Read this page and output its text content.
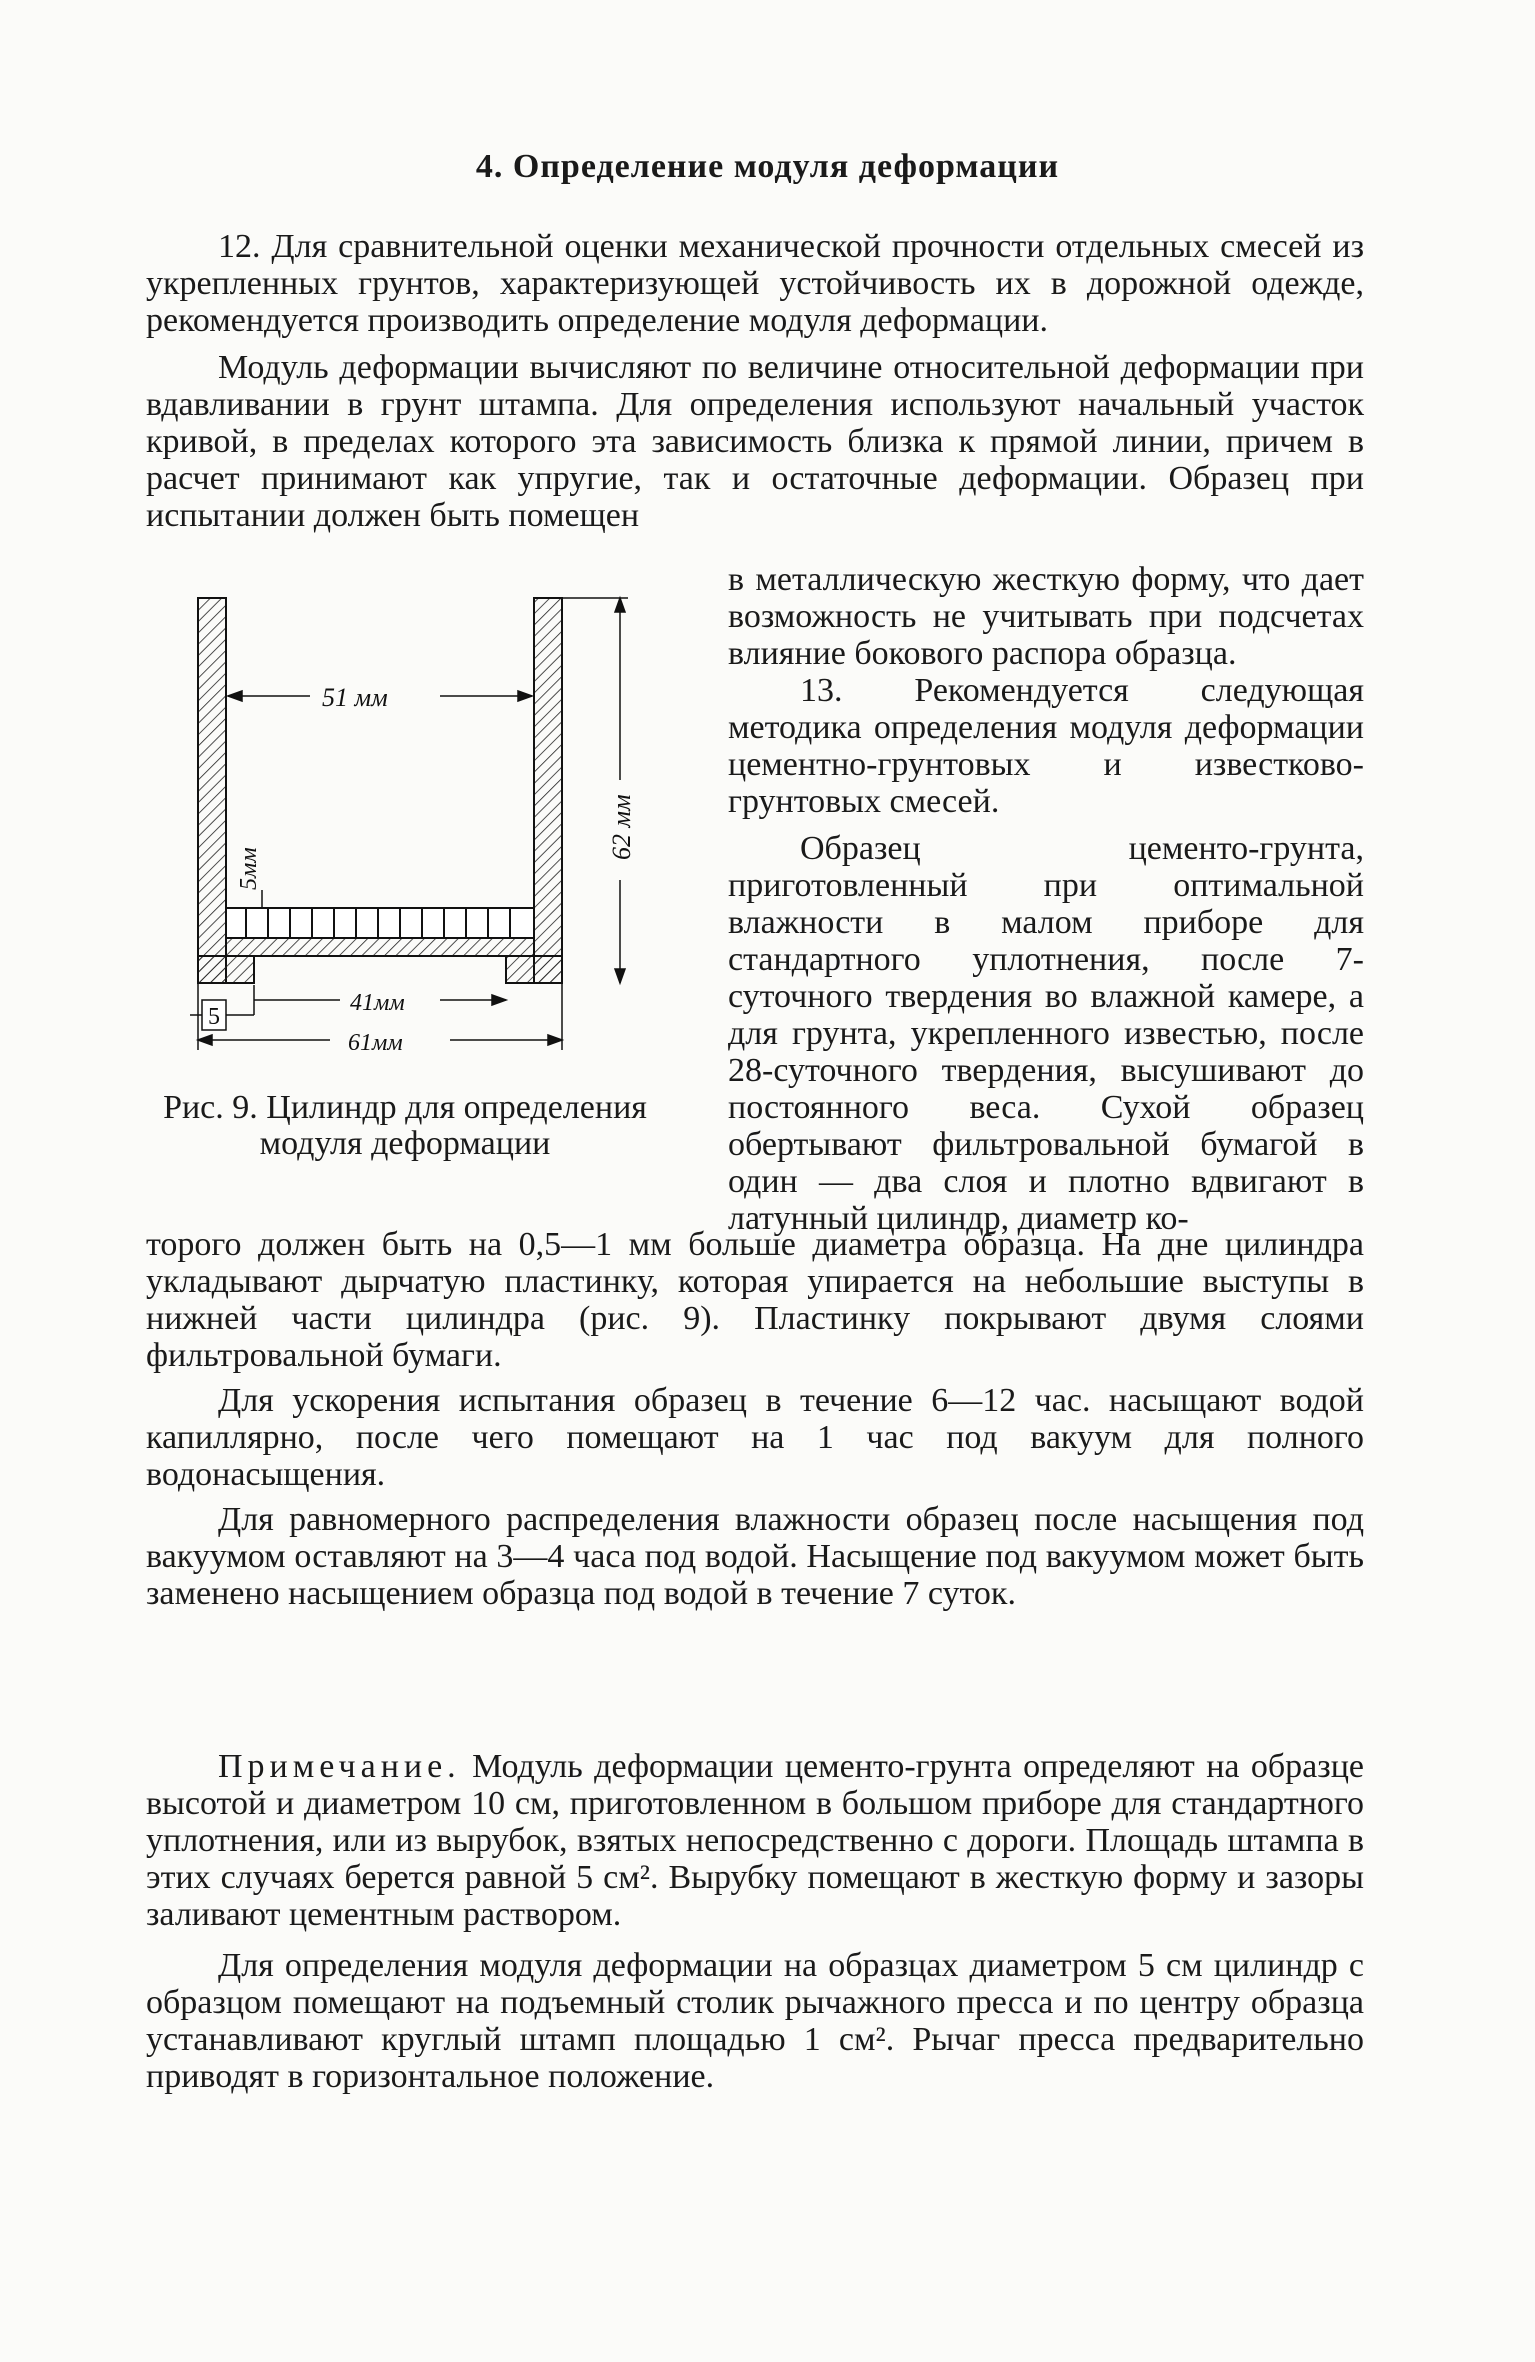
4. Определение модуля деформации

12. Для сравнительной оценки механической прочности отдельных смесей из укрепленных грунтов, характеризующей устойчивость их в дорожной одежде, рекомендуется производить определение модуля деформации.

Модуль деформации вычисляют по величине относительной деформации при вдавливании в грунт штампа. Для определения используют начальный участок кривой, в пределах которого эта зависимость близка к прямой линии, причем в расчет принимают как упругие, так и остаточные деформации. Образец при испытании должен быть помещен

в металлическую жесткую форму, что дает возможность не учитывать при подсчетах влияние бокового распора образца.

13. Рекомендуется следующая методика определения модуля деформации цементно-грунтовых и известково-грунтовых смесей.

Образец цементо-грунта, приготовленный при оптимальной влажности в малом приборе для стандартного уплотнения, после 7-суточного твердения во влажной камере, а для грунта, укрепленного известью, после 28-суточного твердения, высушивают до постоянного веса. Сухой образец обертывают фильтровальной бумагой в один — два слоя и плотно вдвигают в латунный цилиндр, диаметр ко-

51 мм
62 мм
5мм
41мм
5
61мм
Рис. 9. Цилиндр для определения модуля деформации

торого должен быть на 0,5—1 мм больше диаметра образца. На дне цилиндра укладывают дырчатую пластинку, которая упирается на небольшие выступы в нижней части цилиндра (рис. 9). Пластинку покрывают двумя слоями фильтровальной бумаги.

Для ускорения испытания образец в течение 6—12 час. насыщают водой капиллярно, после чего помещают на 1 час под вакуум для полного водонасыщения.

Для равномерного распределения влажности образец после насыщения под вакуумом оставляют на 3—4 часа под водой. Насыщение под вакуумом может быть заменено насыщением образца под водой в течение 7 суток.

Примечание. Модуль деформации цементо-грунта определяют на образце высотой и диаметром 10 см, приготовленном в большом приборе для стандартного уплотнения, или из вырубок, взятых непосредственно с дороги. Площадь штампа в этих случаях берется равной 5 см². Вырубку помещают в жесткую форму и зазоры заливают цементным раствором.

Для определения модуля деформации на образцах диаметром 5 см цилиндр с образцом помещают на подъемный столик рычажного пресса и по центру образца устанавливают круглый штамп площадью 1 см². Рычаг пресса предварительно приводят в горизонтальное положение.
